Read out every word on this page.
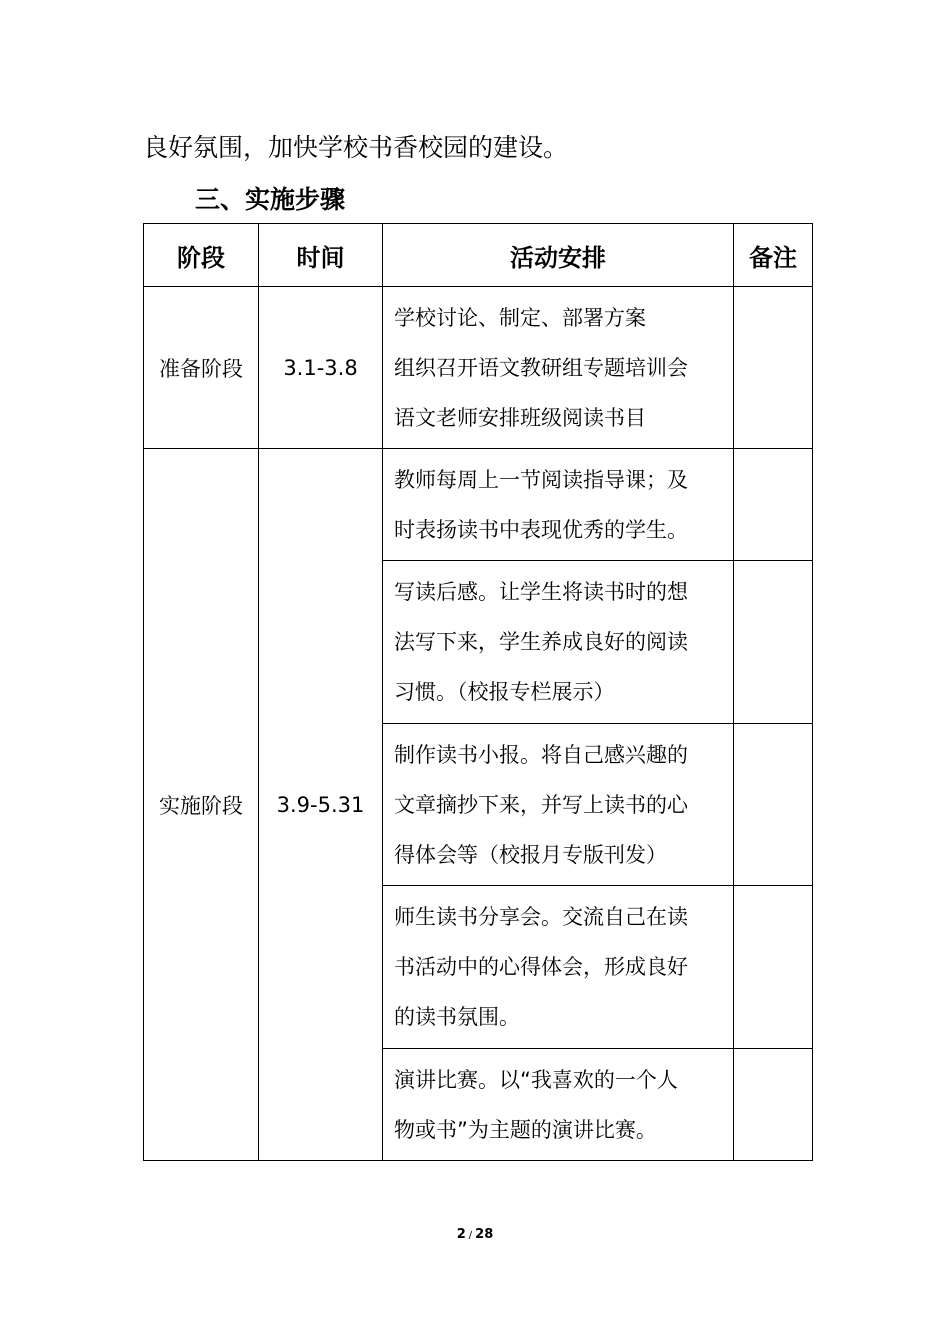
良好氛围，加快学校书香校园的建设。
三、实施步骤
阶段	时间	活动安排	备注
准备阶段	3.1-3.8	学校讨论、制定、部署方案
组织召开语文教研组专题培训会
语文老师安排班级阅读书目	

实施阶段	3.9-5.31	教师每周上一节阅读指导课；及
时表扬读书中表现优秀的学生。	

		写读后感。让学生将读书时的想
法写下来，学生养成良好的阅读
习惯。（校报专栏展示）	

		制作读书小报。将自己感兴趣的
文章摘抄下来，并写上读书的心
得体会等（校报月专版刊发）	

		师生读书分享会。交流自己在读
书活动中的心得体会，形成良好
的读书氛围。	

		演讲比赛。以“我喜欢的一个人
物或书”为主题的演讲比赛。	

2 / 28
